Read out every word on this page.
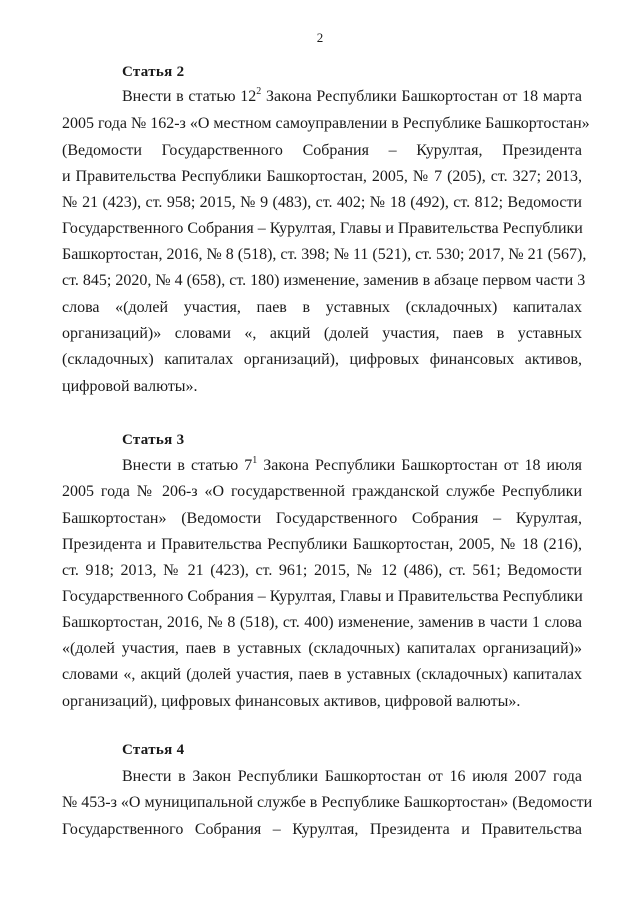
2
Статья 2
Внести в статью $12^2$ Закона Республики Башкортостан от 18 марта
2005 года № 162-з «О местном самоуправлении в Республике Башкортостан»
(Ведомости Государственного Собрания – Курултая, Президента
и Правительства Республики Башкортостан, 2005, № 7 (205), ст. 327; 2013,
№ 21 (423), ст. 958; 2015, № 9 (483), ст. 402; № 18 (492), ст. 812; Ведомости
Государственного Собрания – Курултая, Главы и Правительства Республики
Башкортостан, 2016, № 8 (518), ст. 398; № 11 (521), ст. 530; 2017, № 21 (567),
ст. 845; 2020, № 4 (658), ст. 180) изменение, заменив в абзаце первом части 3
слова «(долей участия, паев в уставных (складочных) капиталах
организаций)» словами «, акций (долей участия, паев в уставных
(складочных) капиталах организаций), цифровых финансовых активов,
цифровой валюты».
Статья 3
Внести в статью $7^1$ Закона Республики Башкортостан от 18 июля
2005 года № 206-з «О государственной гражданской службе Республики
Башкортостан» (Ведомости Государственного Собрания – Курултая,
Президента и Правительства Республики Башкортостан, 2005, № 18 (216),
ст. 918; 2013, № 21 (423), ст. 961; 2015, № 12 (486), ст. 561; Ведомости
Государственного Собрания – Курултая, Главы и Правительства Республики
Башкортостан, 2016, № 8 (518), ст. 400) изменение, заменив в части 1 слова
«(долей участия, паев в уставных (складочных) капиталах организаций)»
словами «, акций (долей участия, паев в уставных (складочных) капиталах
организаций), цифровых финансовых активов, цифровой валюты».
Статья 4
Внести в Закон Республики Башкортостан от 16 июля 2007 года
№ 453-з «О муниципальной службе в Республике Башкортостан» (Ведомости
Государственного Собрания – Курултая, Президента и Правительства
